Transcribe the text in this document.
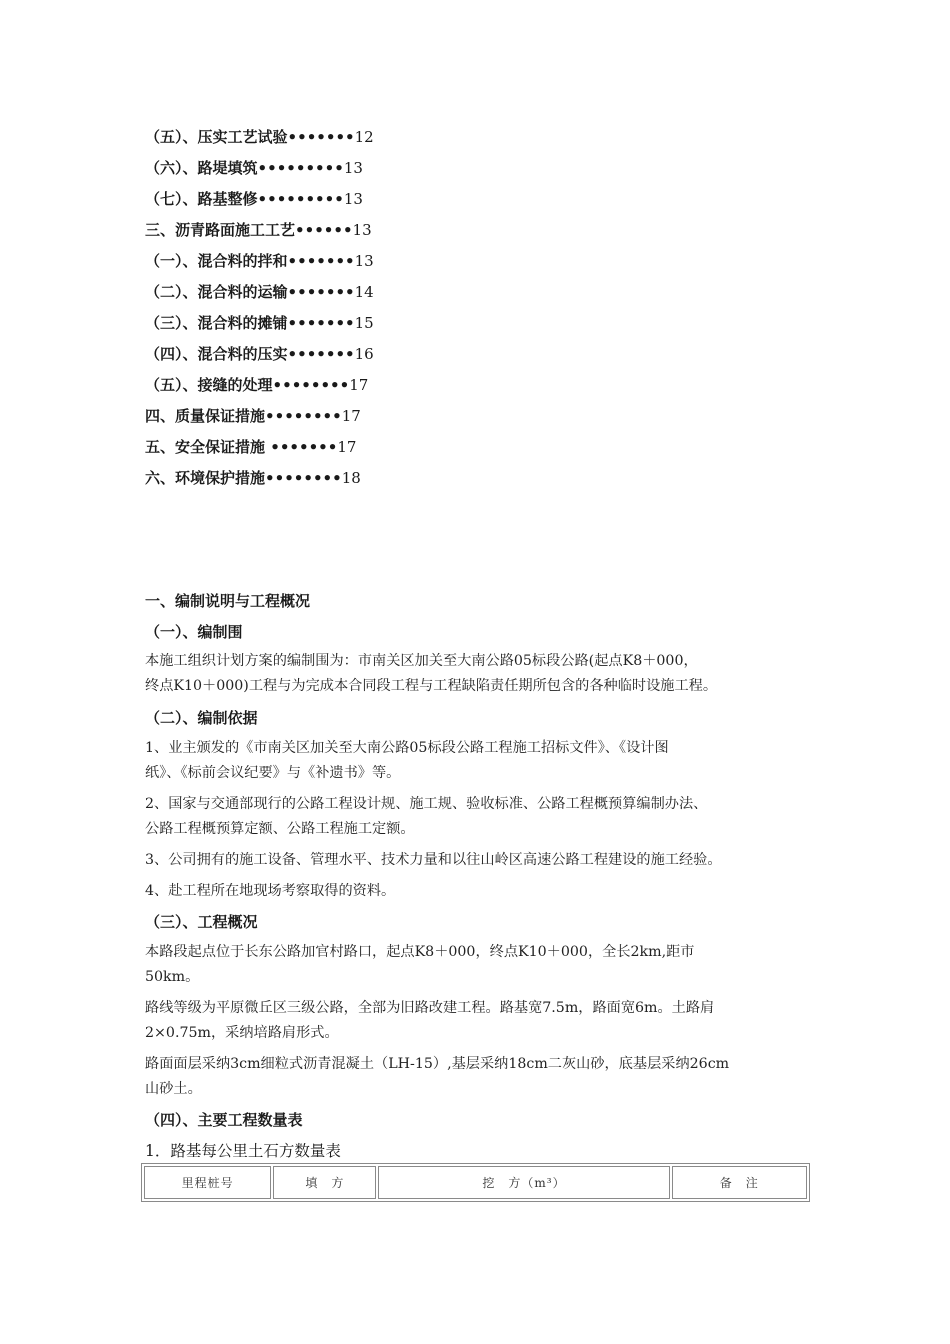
（五）、压实工艺试验•••••••12
（六）、路堤填筑•••••••••13
（七）、路基整修•••••••••13
三、沥青路面施工工艺••••••13
（一）、混合料的拌和•••••••13
（二）、混合料的运输•••••••14
（三）、混合料的摊铺•••••••15
（四）、混合料的压实•••••••16
（五）、接缝的处理••••••••17
四、质量保证措施••••••••17
五、安全保证措施 •••••••17
六、环境保护措施••••••••18
一、编制说明与工程概况
（一）、编制围
本施工组织计划方案的编制围为：市南关区加关至大南公路05标段公路(起点K8＋000，
终点K10＋000)工程与为完成本合同段工程与工程缺陷责任期所包含的各种临时设施工程。
（二）、编制依据
1、业主颁发的《市南关区加关至大南公路05标段公路工程施工招标文件》、《设计图
纸》、《标前会议纪要》与《补遗书》等。
2、国家与交通部现行的公路工程设计规、施工规、验收标准、公路工程概预算编制办法、
公路工程概预算定额、公路工程施工定额。
3、公司拥有的施工设备、管理水平、技术力量和以往山岭区高速公路工程建设的施工经验。
4、赴工程所在地现场考察取得的资料。
（三）、工程概况
本路段起点位于长东公路加官村路口，起点K8＋000，终点K10＋000，全长2km,距市
50km。
路线等级为平原微丘区三级公路，全部为旧路改建工程。路基宽7.5m，路面宽6m。土路肩
2×0.75m，采纳培路肩形式。
路面面层采纳3cm细粒式沥青混凝土（LH-15）,基层采纳18cm二灰山砂，底基层采纳26cm
山砂土。
（四）、主要工程数量表
1．路基每公里土石方数量表
里程桩号	填　方	挖　方（m³）	备　注
